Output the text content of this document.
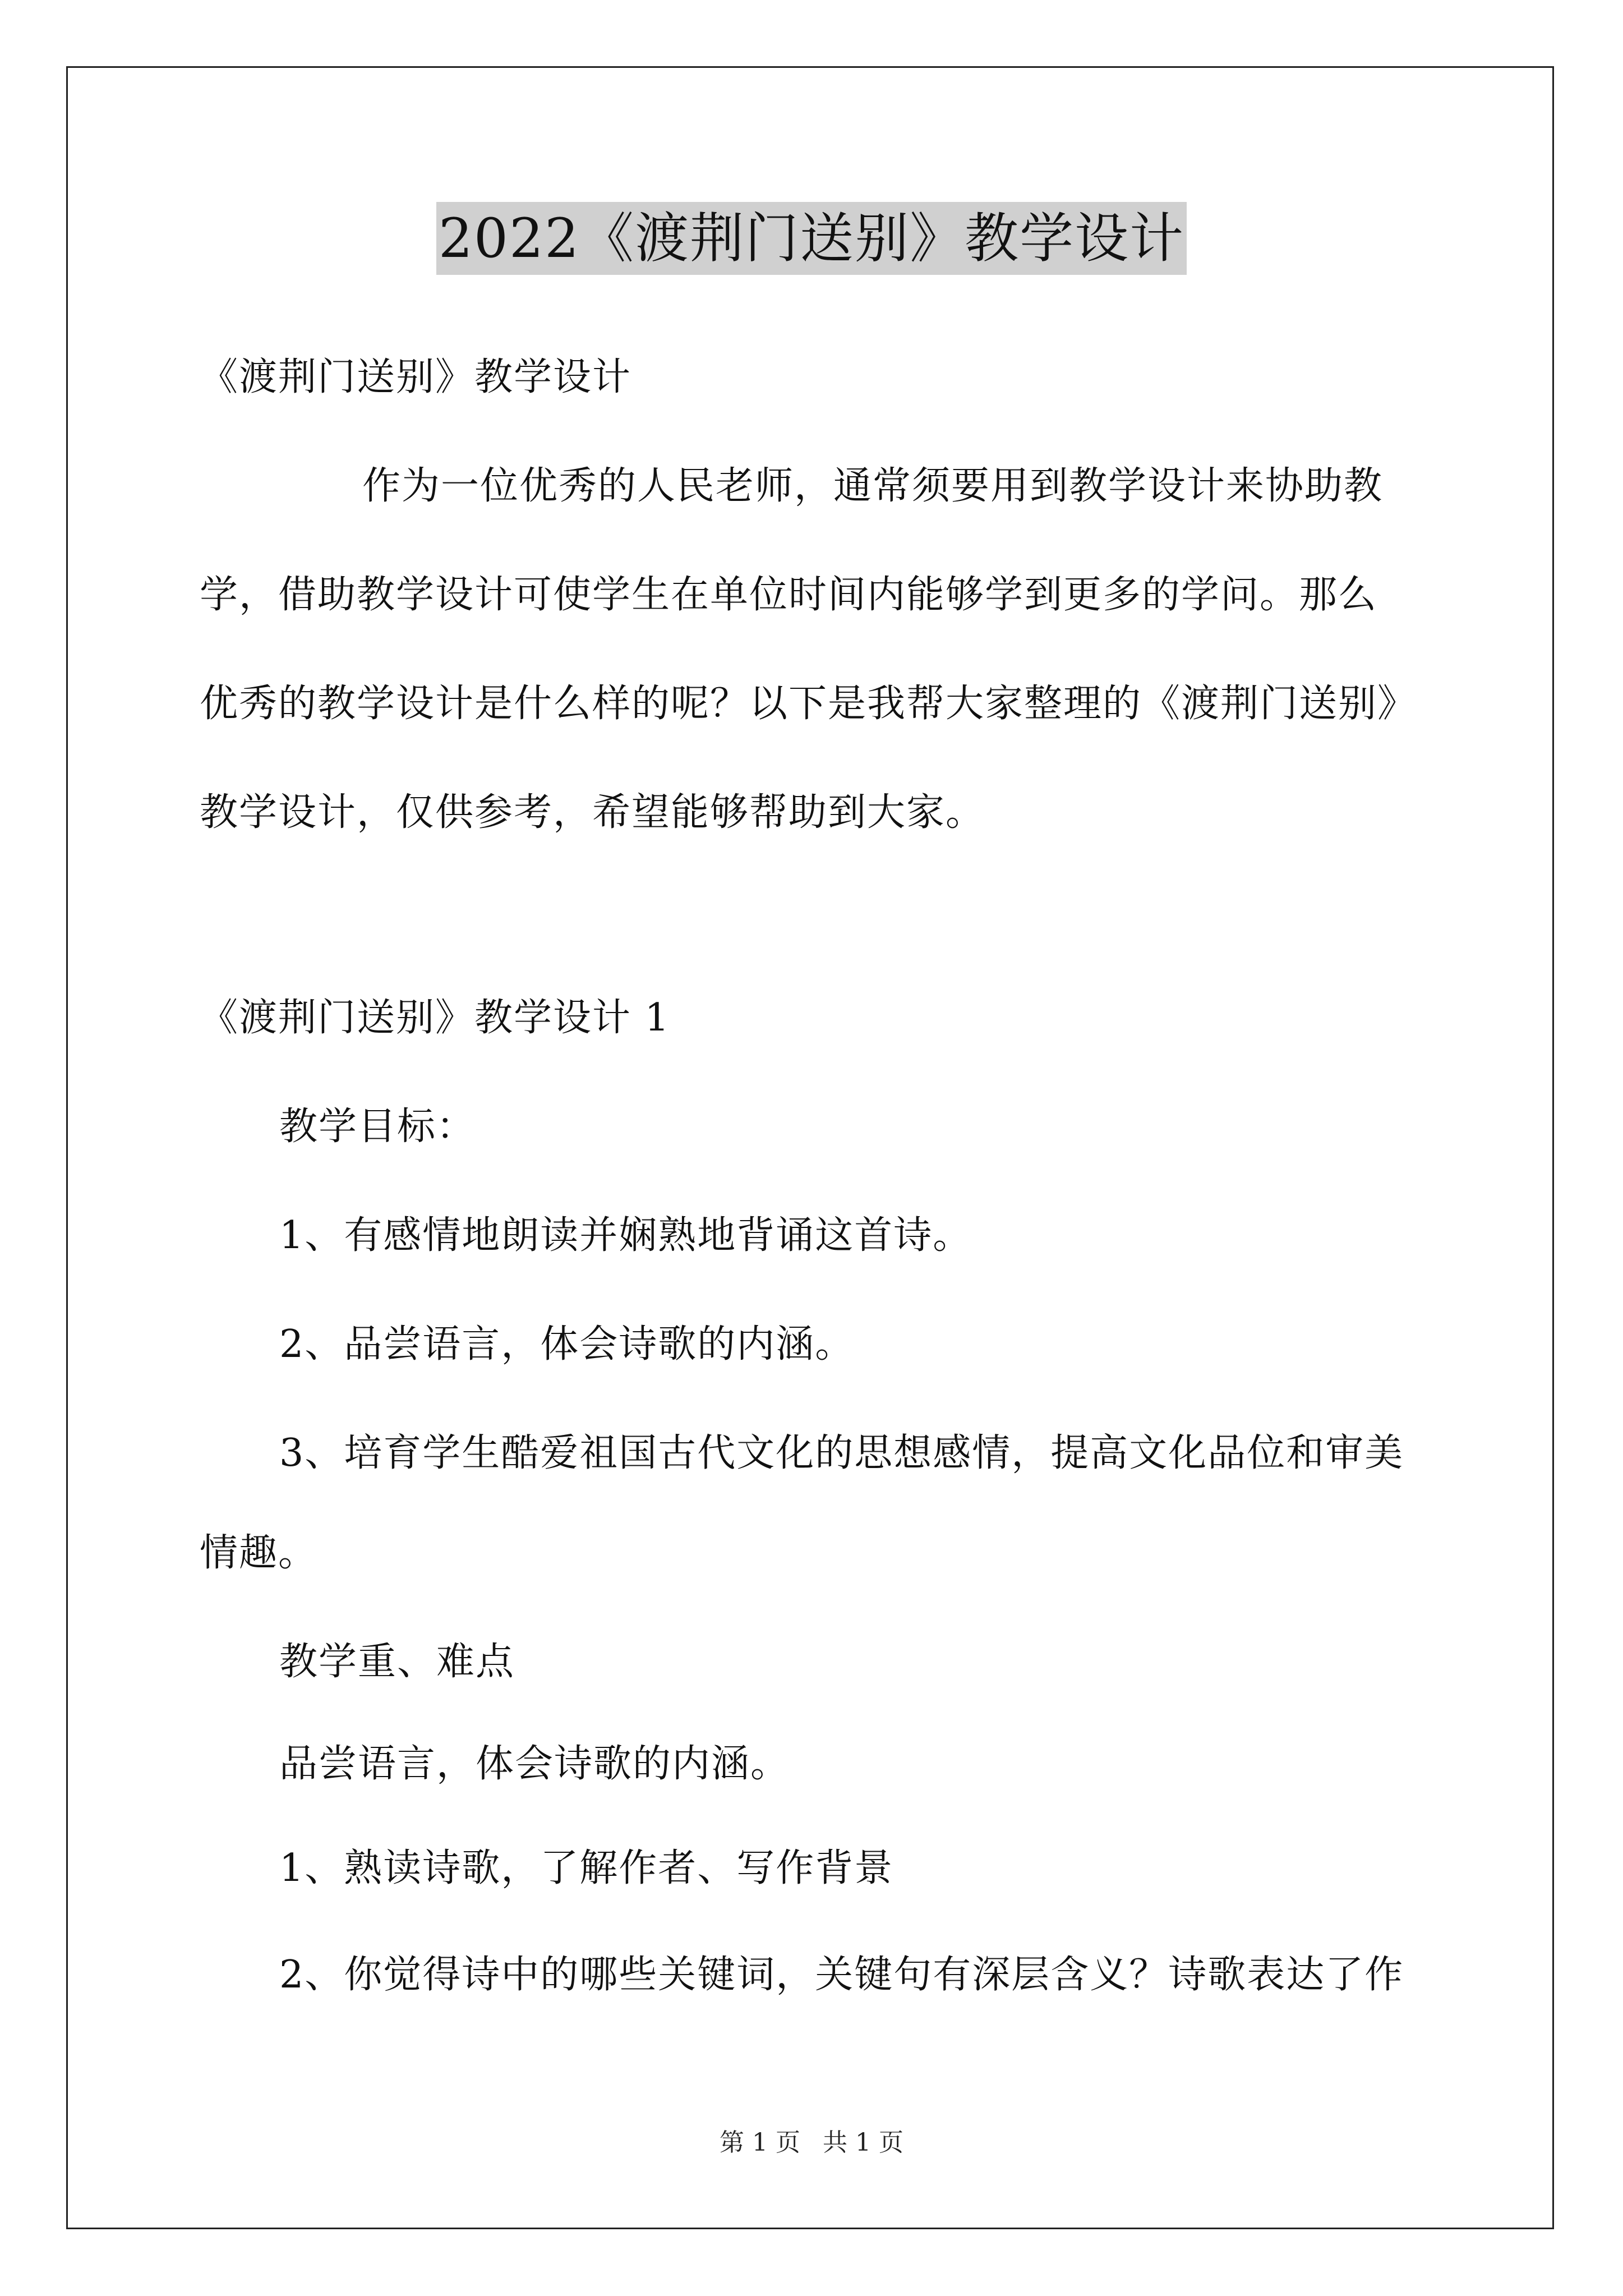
2022《渡荆门送别》教学设计
《渡荆门送别》教学设计
作为一位优秀的人民老师，通常须要用到教学设计来协助教
学，借助教学设计可使学生在单位时间内能够学到更多的学问。那么
优秀的教学设计是什么样的呢？以下是我帮大家整理的《渡荆门送别》
教学设计，仅供参考，希望能够帮助到大家。
《渡荆门送别》教学设计 1
教学目标：
1、有感情地朗读并娴熟地背诵这首诗。
2、品尝语言，体会诗歌的内涵。
3、培育学生酷爱祖国古代文化的思想感情，提高文化品位和审美
情趣。
教学重、难点
品尝语言，体会诗歌的内涵。
1、熟读诗歌，了解作者、写作背景
2、你觉得诗中的哪些关键词，关键句有深层含义？诗歌表达了作
第 1 页 共 1 页
